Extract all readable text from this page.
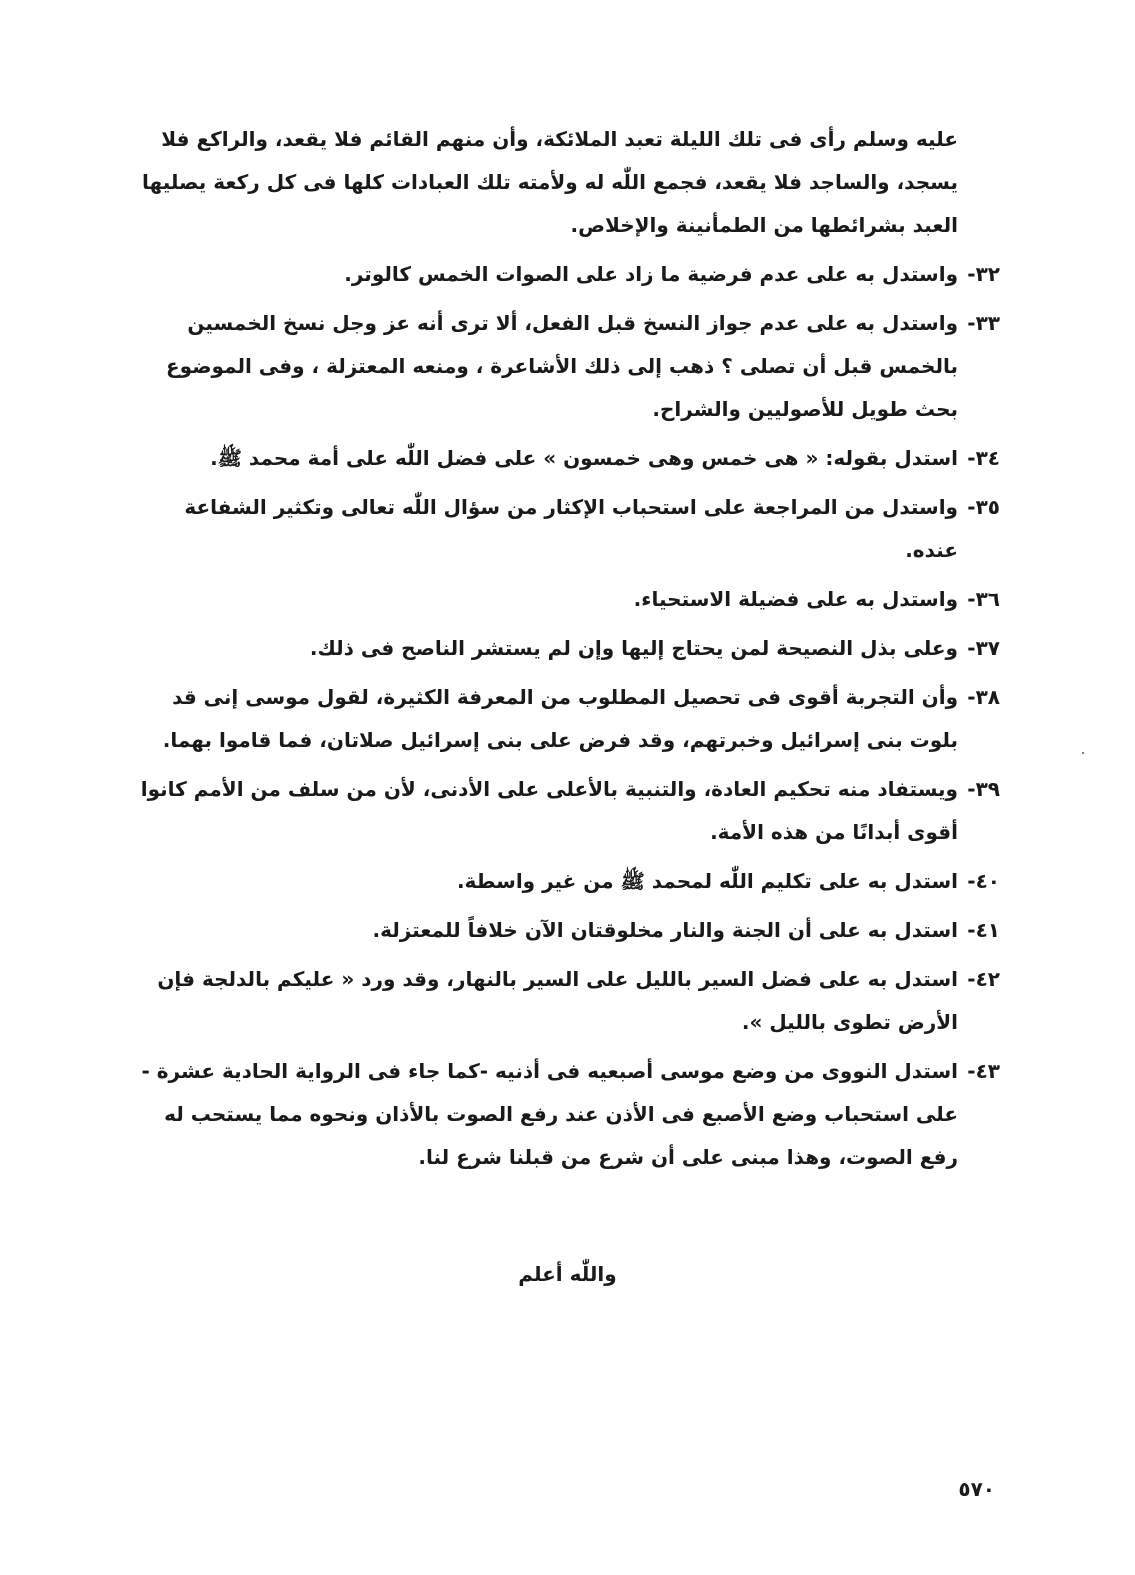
عليه وسلم رأى فى تلك الليلة تعبد الملائكة، وأن منهم القائم فلا يقعد، والراكع فلا يسجد، والساجد فلا يقعد، فجمع اللّٰه له ولأمته تلك العبادات كلها فى كل ركعة يصليها العبد بشرائطها من الطمأنينة والإخلاص.
٣٢-
واستدل به على عدم فرضية ما زاد على الصوات الخمس كالوتر.
٣٣-
واستدل به على عدم جواز النسخ قبل الفعل، ألا ترى أنه عز وجل نسخ الخمسين بالخمس قبل أن تصلى ؟ ذهب إلى ذلك الأشاعرة ، ومنعه المعتزلة ، وفى الموضوع بحث طويل للأصوليين والشراح.
٣٤-
استدل بقوله: « هى خمس وهى خمسون » على فضل اللّٰه على أمة محمد ﷺ.
٣٥-
واستدل من المراجعة على استحباب الإكثار من سؤال اللّٰه تعالى وتكثير الشفاعة عنده.
٣٦-
واستدل به على فضيلة الاستحياء.
٣٧-
وعلى بذل النصيحة لمن يحتاج إليها وإن لم يستشر الناصح فى ذلك.
٣٨-
وأن التجربة أقوى فى تحصيل المطلوب من المعرفة الكثيرة، لقول موسى إنى قد بلوت بنى إسرائيل وخبرتهم، وقد فرض على بنى إسرائيل صلاتان، فما قاموا بهما.
٣٩-
ويستفاد منه تحكيم العادة، والتنبية بالأعلى على الأدنى، لأن من سلف من الأمم كانوا أقوى أبدانًا من هذه الأمة.
٤٠-
استدل به على تكليم اللّٰه لمحمد ﷺ من غير واسطة.
٤١-
استدل به على أن الجنة والنار مخلوقتان الآن خلافاً للمعتزلة.
٤٢-
استدل به على فضل السير بالليل على السير بالنهار، وقد ورد « عليكم بالدلجة فإن الأرض تطوى بالليل ».
٤٣-
استدل النووى من وضع موسى أصبعيه فى أذنيه -كما جاء فى الرواية الحادية عشرة - على استحباب وضع الأصبع فى الأذن عند رفع الصوت بالأذان ونحوه مما يستحب له رفع الصوت، وهذا مبنى على أن شرع من قبلنا شرع لنا.
واللّٰه أعلم
٥٧٠
